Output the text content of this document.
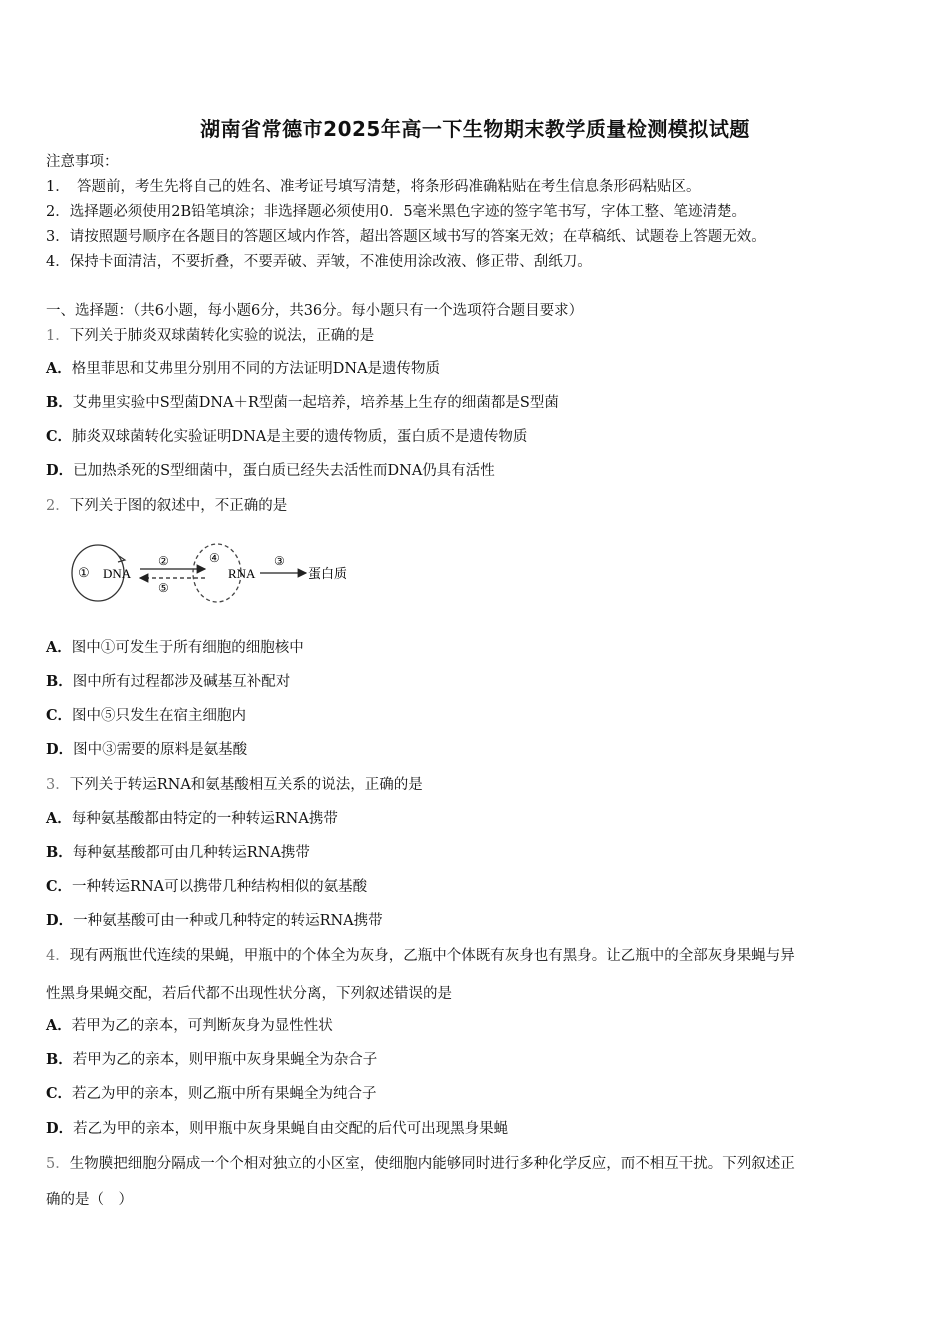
湖南省常德市2025年高一下生物期末教学质量检测模拟试题
注意事项：
1．　答题前，考生先将自己的姓名、准考证号填写清楚，将条形码准确粘贴在考生信息条形码粘贴区。
2．选择题必须使用2B铅笔填涂；非选择题必须使用0．5毫米黑色字迹的签字笔书写，字体工整、笔迹清楚。
3．请按照题号顺序在各题目的答题区域内作答，超出答题区域书写的答案无效；在草稿纸、试题卷上答题无效。
4．保持卡面清洁，不要折叠，不要弄破、弄皱，不准使用涂改液、修正带、刮纸刀。
一、选择题：（共6小题，每小题6分，共36分。每小题只有一个选项符合题目要求）
1．下列关于肺炎双球菌转化实验的说法，正确的是
A．格里菲思和艾弗里分别用不同的方法证明DNA是遗传物质
B．艾弗里实验中S型菌DNA＋R型菌一起培养，培养基上生存的细菌都是S型菌
C．肺炎双球菌转化实验证明DNA是主要的遗传物质，蛋白质不是遗传物质
D．已加热杀死的S型细菌中，蛋白质已经失去活性而DNA仍具有活性
2．下列关于图的叙述中，不正确的是
① DNA
②
⑤
④
RNA
③
蛋白质
A．图中①可发生于所有细胞的细胞核中
B．图中所有过程都涉及碱基互补配对
C．图中⑤只发生在宿主细胞内
D．图中③需要的原料是氨基酸
3．下列关于转运RNA和氨基酸相互关系的说法，正确的是
A．每种氨基酸都由特定的一种转运RNA携带
B．每种氨基酸都可由几种转运RNA携带
C．一种转运RNA可以携带几种结构相似的氨基酸
D．一种氨基酸可由一种或几种特定的转运RNA携带
4．现有两瓶世代连续的果蝇，甲瓶中的个体全为灰身，乙瓶中个体既有灰身也有黑身。让乙瓶中的全部灰身果蝇与异
性黑身果蝇交配，若后代都不出现性状分离，下列叙述错误的是
A．若甲为乙的亲本，可判断灰身为显性性状
B．若甲为乙的亲本，则甲瓶中灰身果蝇全为杂合子
C．若乙为甲的亲本，则乙瓶中所有果蝇全为纯合子
D．若乙为甲的亲本，则甲瓶中灰身果蝇自由交配的后代可出现黑身果蝇
5．生物膜把细胞分隔成一个个相对独立的小区室，使细胞内能够同时进行多种化学反应，而不相互干扰。下列叙述正
确的是（　）
